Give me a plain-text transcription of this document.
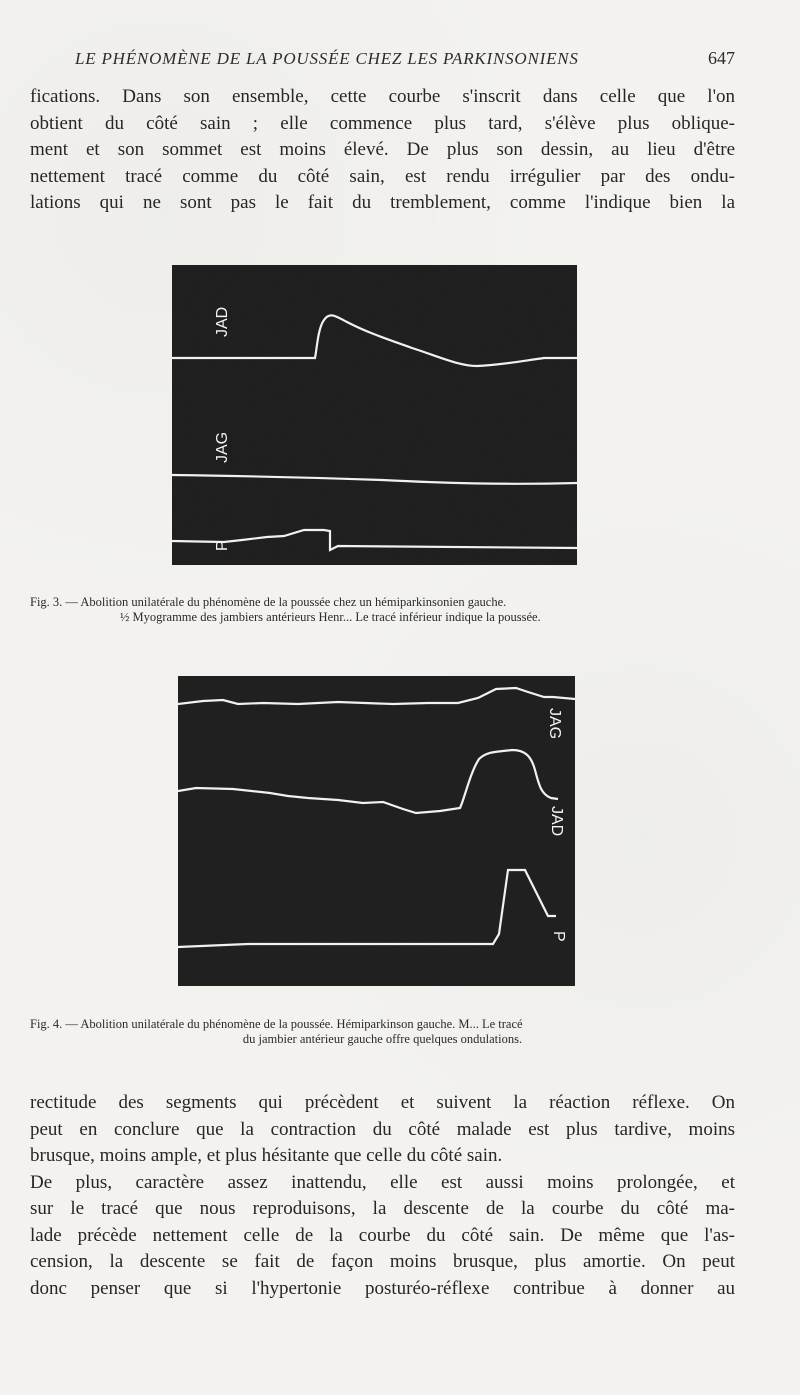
LE PHÉNOMÈNE DE LA POUSSÉE CHEZ LES PARKINSONIENS	647
fications. Dans son ensemble, cette courbe s'inscrit dans celle que l'on
obtient du côté sain ; elle commence plus tard, s'élève plus oblique-
ment et son sommet est moins élevé. De plus son dessin, au lieu d'être
nettement tracé comme du côté sain, est rendu irrégulier par des ondu-
lations qui ne sont pas le fait du tremblement, comme l'indique bien la
JAD
JAG
P
Fig. 3. — Abolition unilatérale du phénomène de la poussée chez un hémiparkinsonien gauche.
½ Myogramme des jambiers antérieurs Henr... Le tracé inférieur indique la poussée.
JAG
JAD
P
Fig. 4. — Abolition unilatérale du phénomène de la poussée. Hémiparkinson gauche. M... Le tracé
du jambier antérieur gauche offre quelques ondulations.
rectitude des segments qui précèdent et suivent la réaction réflexe. On
peut en conclure que la contraction du côté malade est plus tardive, moins
brusque, moins ample, et plus hésitante que celle du côté sain.
De plus, caractère assez inattendu, elle est aussi moins prolongée, et
sur le tracé que nous reproduisons, la descente de la courbe du côté ma-
lade précède nettement celle de la courbe du côté sain. De même que l'as-
cension, la descente se fait de façon moins brusque, plus amortie. On peut
donc penser que si l'hypertonie posturéo-réflexe contribue à donner au
